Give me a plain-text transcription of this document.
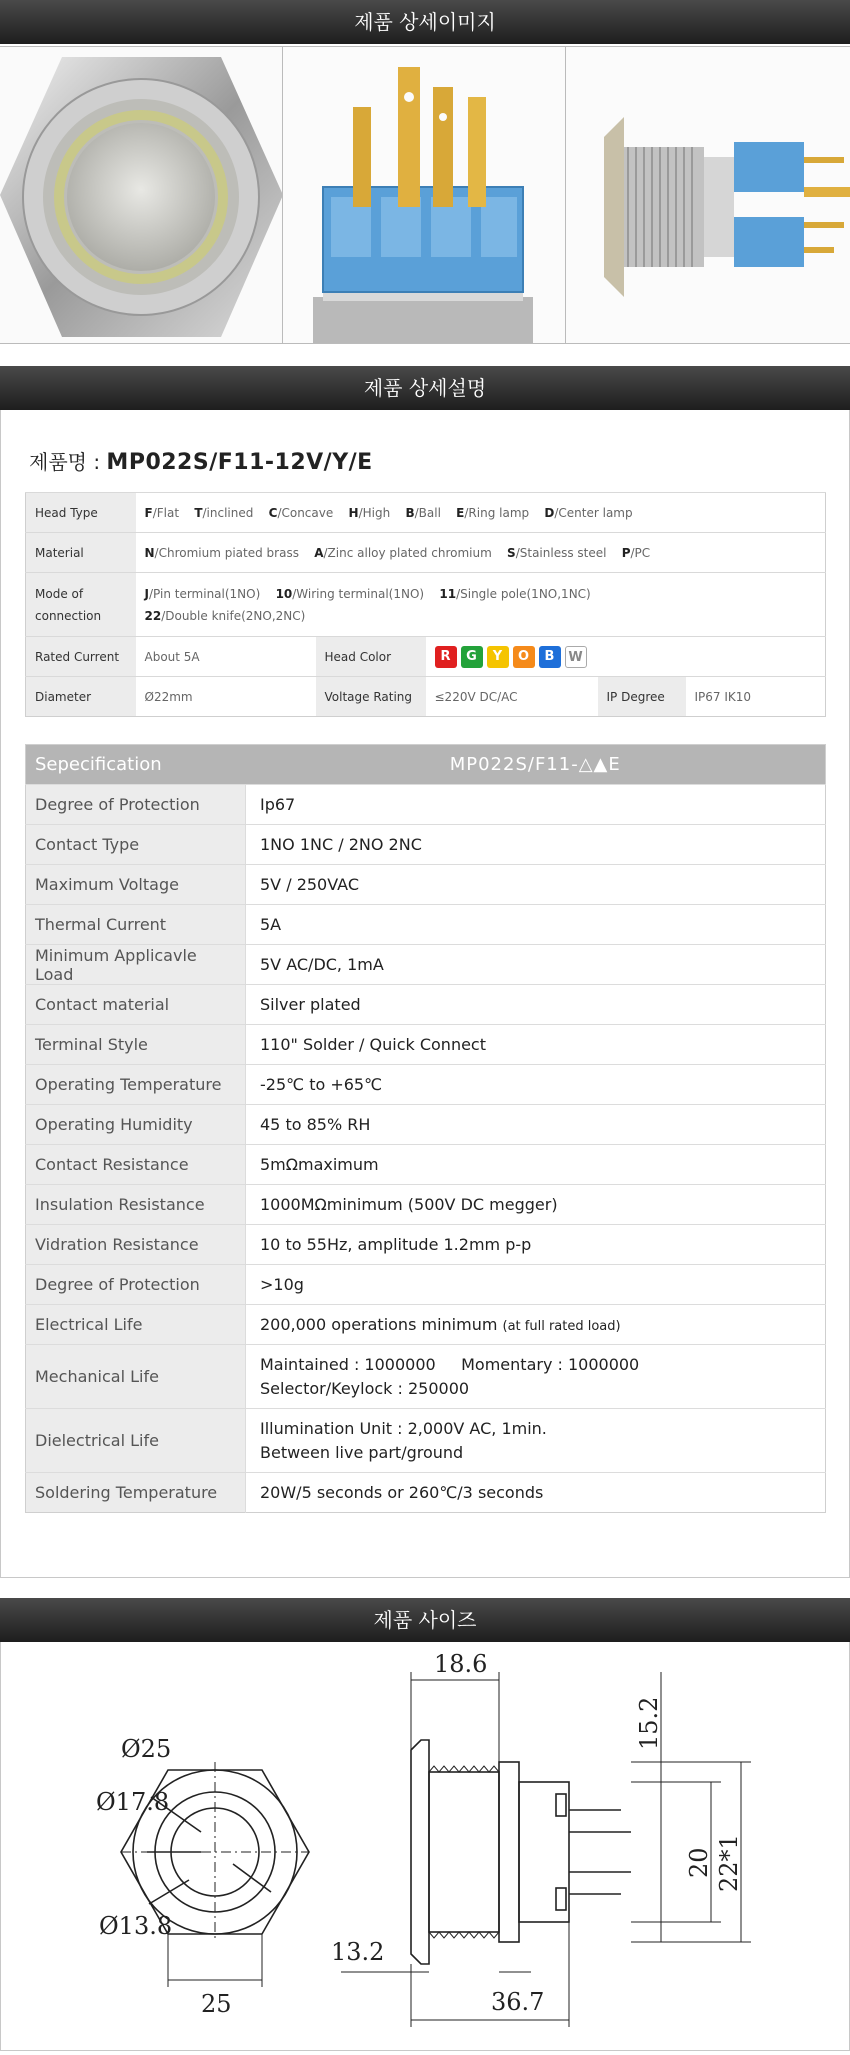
제품 상세이미지
제품 상세설명
제품명 : MP022S/F11-12V/Y/E
Head Type	F/Flat T/inclined C/Concave H/High B/Ball E/Ring lamp D/Center lamp				
Material	N/Chromium piated brass A/Zinc alloy plated chromium S/Stainless steel P/PC				
Mode of
connection	J/Pin terminal(1NO) 10/Wiring terminal(1NO) 11/Single pole(1NO,1NC)
22/Double knife(2NO,2NC)				
Rated Current	About 5A	Head Color	R G Y O B W		
Diameter	Ø22mm	Voltage Rating	≤220V DC/AC	IP Degree	IP67 IK10
Sepecification	MP022S/F11-△▲E
Degree of Protection	Ip67
Contact Type	1NO 1NC / 2NO 2NC
Maximum Voltage	5V / 250VAC
Thermal Current	5A
Minimum Applicavle Load	5V AC/DC, 1mA
Contact material	Silver plated
Terminal Style	110" Solder / Quick Connect
Operating Temperature	-25℃ to +65℃
Operating Humidity	45 to 85% RH
Contact Resistance	5mΩmaximum
Insulation Resistance	1000MΩminimum (500V DC megger)
Vidration Resistance	10 to 55Hz, amplitude 1.2mm p-p
Degree of Protection	>10g
Electrical Life	200,000 operations minimum (at full rated load)
Mechanical Life	Maintained : 1000000 Momentary : 1000000
Selector/Keylock : 250000
Dielectrical Life	Illumination Unit : 2,000V AC, 1min.
Between live part/ground
Soldering Temperature	20W/5 seconds or 260℃/3 seconds
제품 사이즈
Ø25
Ø17.8
Ø13.8
25
18.6
13.2
36.7
15.2
20 22*1
